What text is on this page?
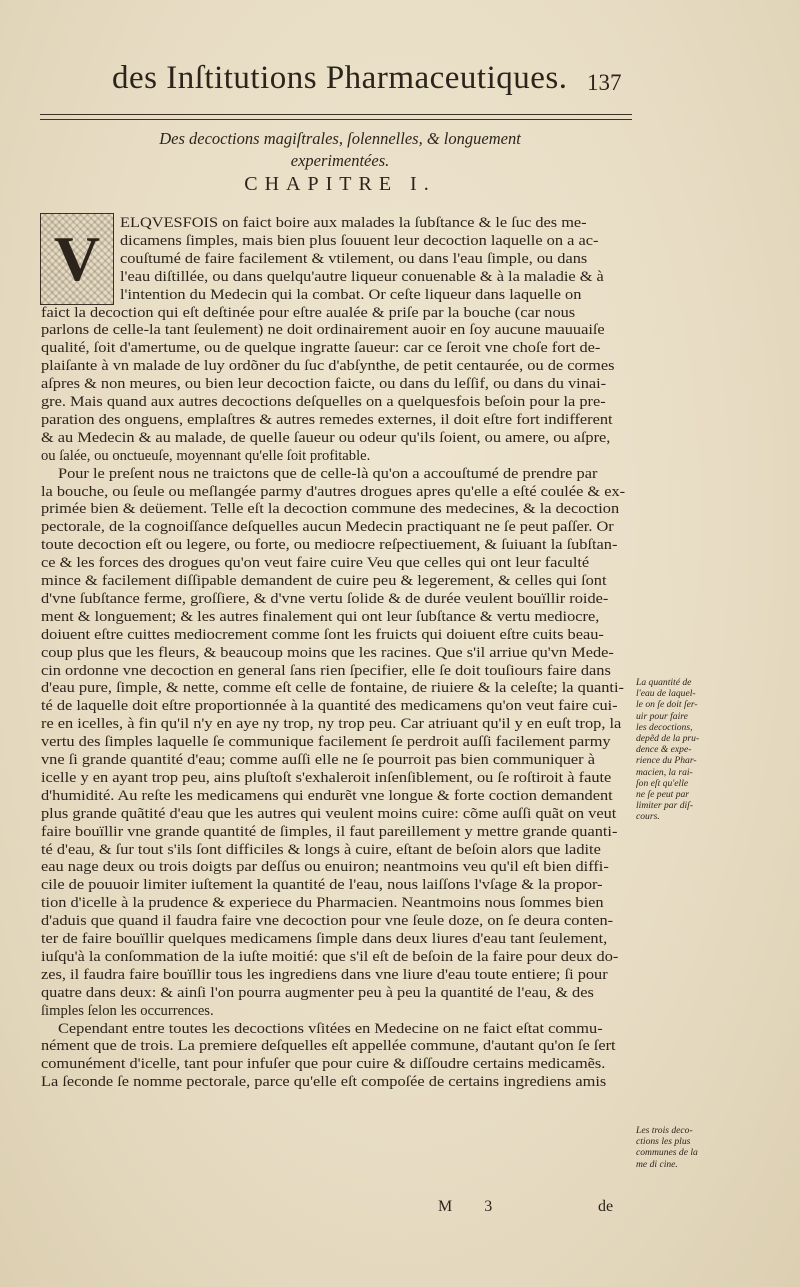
des Inſtitutions Pharmaceutiques. 137
Des decoctions magiſtrales, ſolennelles, & longuement
experimentées.
CHAPITRE I.
V	ELQVESFOIS on faict boire aux malades la ſubſtance & le ſuc des me-
dicamens ſimples, mais bien plus ſouuent leur decoction laquelle on a ac-
couſtumé de faire facilement & vtilement, ou dans l'eau ſimple, ou dans
l'eau diſtillée, ou dans quelqu'autre liqueur conuenable & à la maladie & à
l'intention du Medecin qui la combat. Or ceſte liqueur dans laquelle on
faict la decoction qui eſt deſtinée pour eſtre aualée & priſe par la bouche (car nous
parlons de celle-la tant ſeulement) ne doit ordinairement auoir en ſoy aucune mauuaiſe
qualité, ſoit d'amertume, ou de quelque ingratte ſaueur: car ce ſeroit vne choſe fort de-
plaiſante à vn malade de luy ordõner du ſuc d'abſynthe, de petit centaurée, ou de cormes
aſpres & non meures, ou bien leur decoction faicte, ou dans du leſſif, ou dans du vinai-
gre. Mais quand aux autres decoctions deſquelles on a quelquesfois beſoin pour la pre-
paration des onguens, emplaſtres & autres remedes externes, il doit eſtre fort indifferent
& au Medecin & au malade, de quelle ſaueur ou odeur qu'ils ſoient, ou amere, ou aſpre,
ou ſalée, ou onctueuſe, moyennant qu'elle ſoit profitable.
Pour le preſent nous ne traictons que de celle-là qu'on a accouſtumé de prendre par
la bouche, ou ſeule ou meſlangée parmy d'autres drogues apres qu'elle a eſté coulée & ex-
primée bien & deüement. Telle eſt la decoction commune des medecines, & la decoction
pectorale, de la cognoiſſance deſquelles aucun Medecin practiquant ne ſe peut paſſer. Or
toute decoction eſt ou legere, ou forte, ou mediocre reſpectiuement, & ſuiuant la ſubſtan-
ce & les forces des drogues qu'on veut faire cuire Veu que celles qui ont leur faculté
mince & facilement diſſipable demandent de cuire peu & legerement, & celles qui ſont
d'vne ſubſtance ferme, groſſiere, & d'vne vertu ſolide & de durée veulent bouïllir roide-
ment & longuement; & les autres finalement qui ont leur ſubſtance & vertu mediocre,
doiuent eſtre cuittes mediocrement comme ſont les fruicts qui doiuent eſtre cuits beau-
coup plus que les fleurs, & beaucoup moins que les racines. Que s'il arriue qu'vn Mede-
cin ordonne vne decoction en general ſans rien ſpecifier, elle ſe doit touſiours faire dans
d'eau pure, ſimple, & nette, comme eſt celle de fontaine, de riuiere & la celeſte; la quanti-
té de laquelle doit eſtre proportionnée à la quantité des medicamens qu'on veut faire cui-
re en icelles, à fin qu'il n'y en aye ny trop, ny trop peu. Car atriuant qu'il y en euſt trop, la
vertu des ſimples laquelle ſe communique facilement ſe perdroit auſſi facilement parmy
vne ſi grande quantité d'eau; comme auſſi elle ne ſe pourroit pas bien communiquer à
icelle y en ayant trop peu, ains pluſtoſt s'exhaleroit inſenſiblement, ou ſe roſtiroit à faute
d'humidité. Au reſte les medicamens qui endurẽt vne longue & forte coction demandent
plus grande quãtité d'eau que les autres qui veulent moins cuire: cõme auſſi quãt on veut
faire bouïllir vne grande quantité de ſimples, il faut pareillement y mettre grande quanti-
té d'eau, & ſur tout s'ils ſont difficiles & longs à cuire, eſtant de beſoin alors que ladite
eau nage deux ou trois doigts par deſſus ou enuiron; neantmoins veu qu'il eſt bien diffi-
cile de pouuoir limiter iuſtement la quantité de l'eau, nous laiſſons l'vſage & la propor-
tion d'icelle à la prudence & experiece du Pharmacien. Neantmoins nous ſommes bien
d'aduis que quand il faudra faire vne decoction pour vne ſeule doze, on ſe deura conten-
ter de faire bouïllir quelques medicamens ſimple dans deux liures d'eau tant ſeulement,
iuſqu'à la conſommation de la iuſte moitié: que s'il eſt de beſoin de la faire pour deux do-
zes, il faudra faire bouïllir tous les ingrediens dans vne liure d'eau toute entiere; ſi pour
quatre dans deux: & ainſi l'on pourra augmenter peu à peu la quantité de l'eau, & des
ſimples ſelon les occurrences.
Cependant entre toutes les decoctions vſitées en Medecine on ne faict eſtat commu-
nément que de trois. La premiere deſquelles eſt appellée commune, d'autant qu'on ſe ſert
comunément d'icelle, tant pour infuſer que pour cuire & diſſoudre certains medicamẽs.
La ſeconde ſe nomme pectorale, parce qu'elle eſt compoſée de certains ingrediens amis
La quantité de
l'eau de laquel-
le on ſe doit ſer-
uir pour faire
les decoctions,
depẽd de la pru-
dence & expe-
rience du Phar-
macien, la rai-
ſon eſt qu'elle
ne ſe peut par
limiter par diſ-
cours.
Les trois deco-
ctions les plus
communes de la
me di cine.
M 3	de
